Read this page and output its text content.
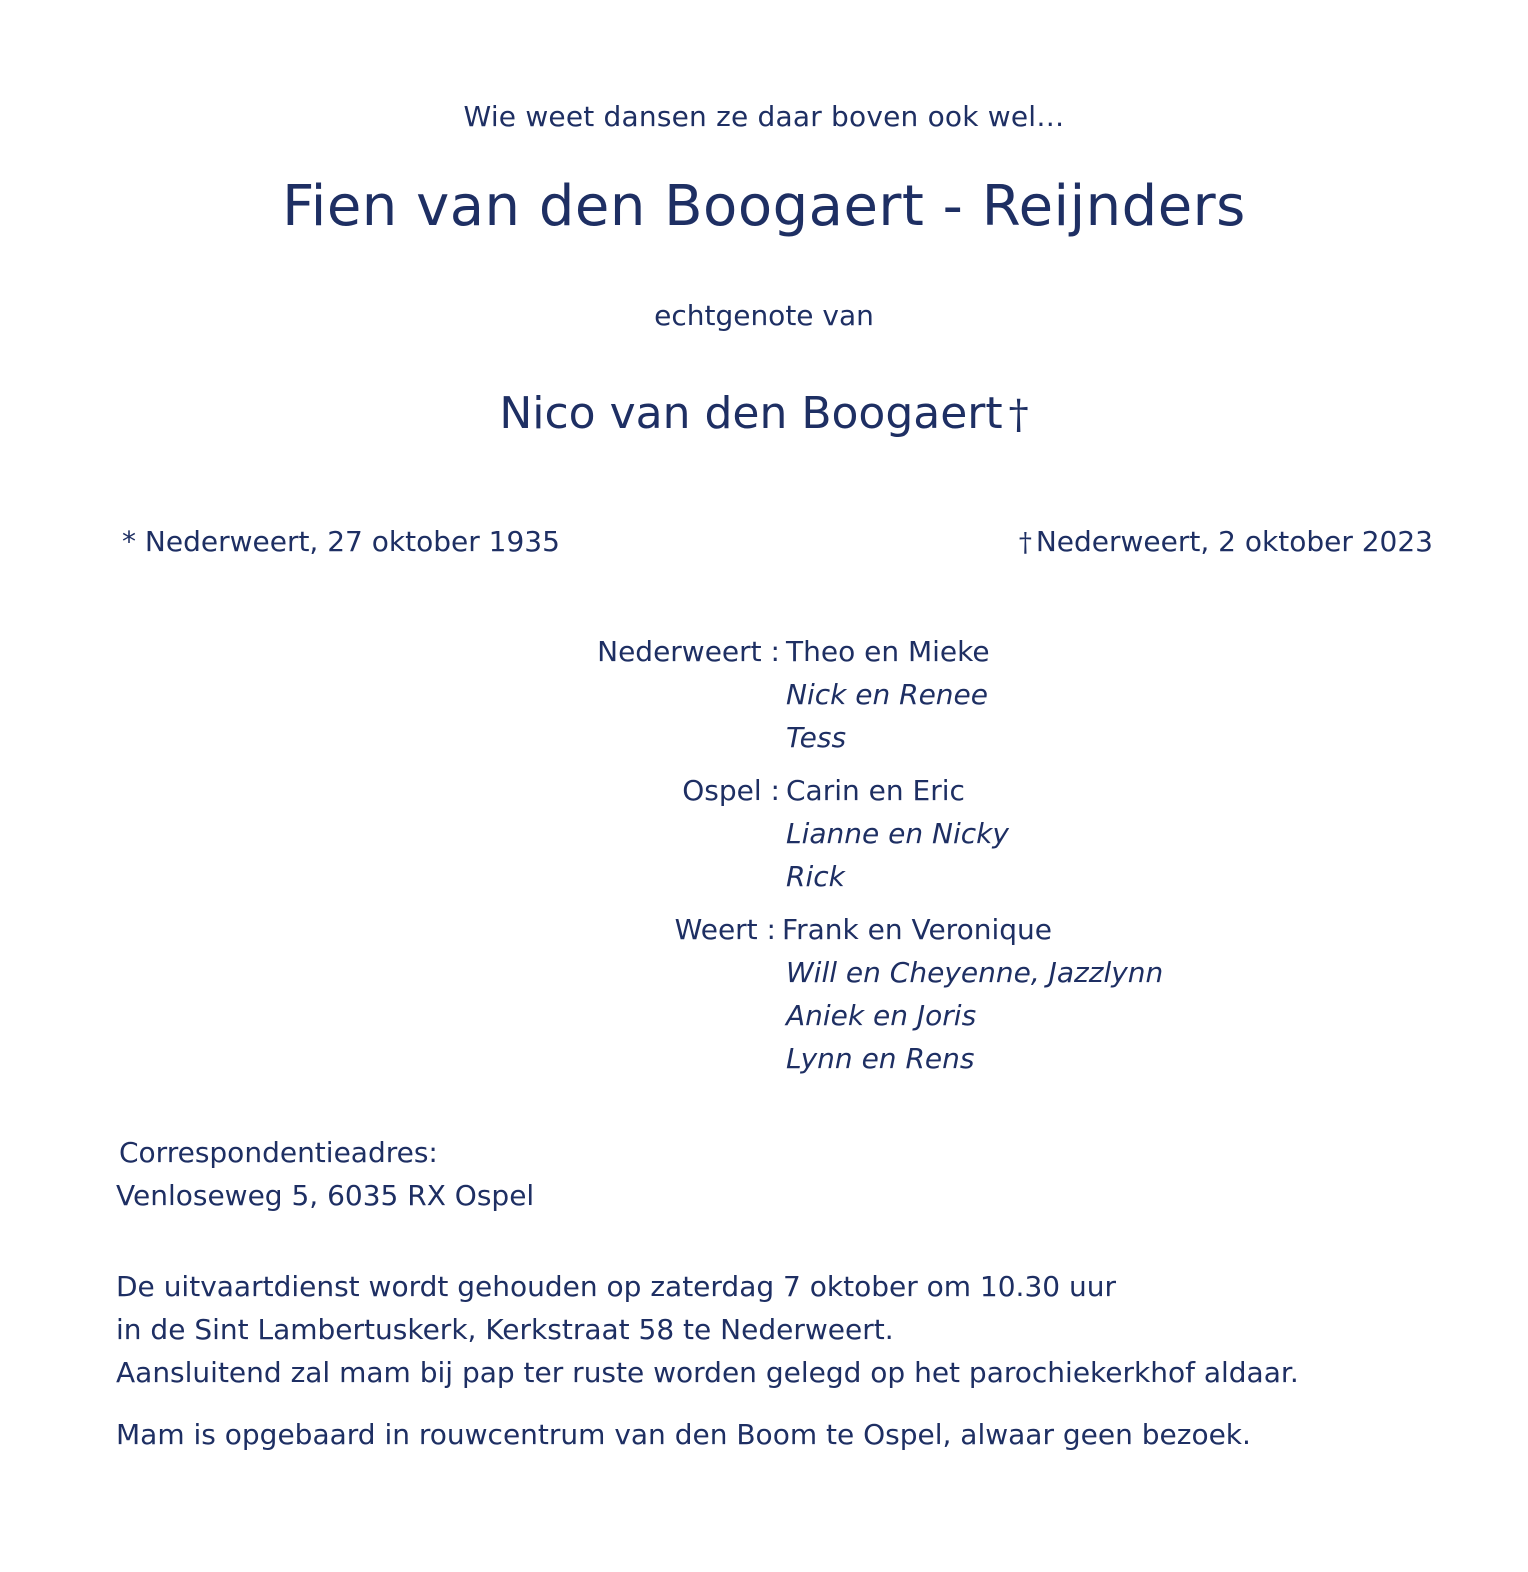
Wie weet dansen ze daar boven ook wel…
Fien van den Boogaert - Reijnders
echtgenote van
Nico van den Boogaert †
* Nederweert, 27 oktober 1935	† Nederweert, 2 oktober 2023
Nederweert : Theo en Mieke
Nick en Renee
Tess
Ospel : Carin en Eric
Lianne en Nicky
Rick
Weert : Frank en Veronique
Will en Cheyenne, Jazzlynn
Aniek en Joris
Lynn en Rens
Correspondentieadres:
Venloseweg 5, 6035 RX Ospel
De uitvaartdienst wordt gehouden op zaterdag 7 oktober om 10.30 uur
in de Sint Lambertuskerk, Kerkstraat 58 te Nederweert.
Aansluitend zal mam bij pap ter ruste worden gelegd op het parochiekerkhof aldaar.
Mam is opgebaard in rouwcentrum van den Boom te Ospel, alwaar geen bezoek.
